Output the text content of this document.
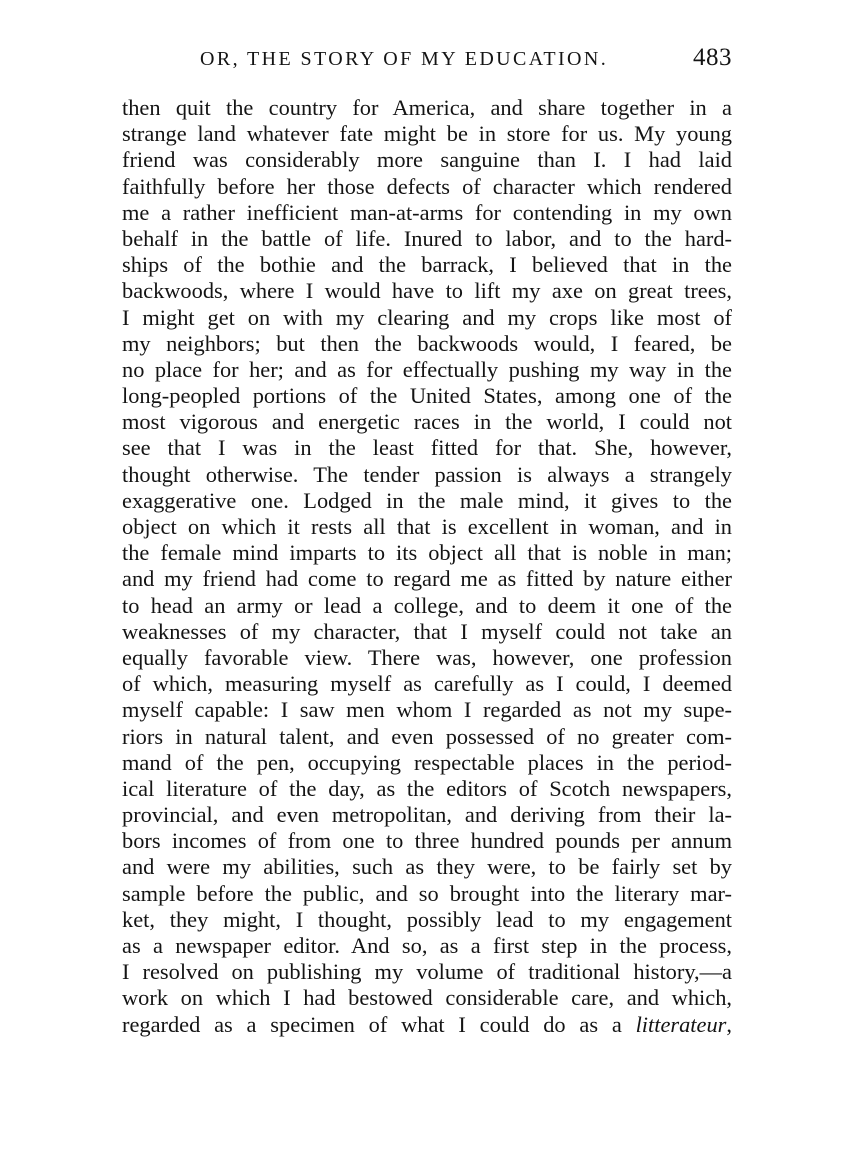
OR, THE STORY OF MY EDUCATION.	483
then quit the country for America, and share together in a
strange land whatever fate might be in store for us. My young
friend was considerably more sanguine than I. I had laid
faithfully before her those defects of character which rendered
me a rather inefficient man-at-arms for contending in my own
behalf in the battle of life. Inured to labor, and to the hard-
ships of the bothie and the barrack, I believed that in the
backwoods, where I would have to lift my axe on great trees,
I might get on with my clearing and my crops like most of
my neighbors; but then the backwoods would, I feared, be
no place for her; and as for effectually pushing my way in the
long-peopled portions of the United States, among one of the
most vigorous and energetic races in the world, I could not
see that I was in the least fitted for that. She, however,
thought otherwise. The tender passion is always a strangely
exaggerative one. Lodged in the male mind, it gives to the
object on which it rests all that is excellent in woman, and in
the female mind imparts to its object all that is noble in man;
and my friend had come to regard me as fitted by nature either
to head an army or lead a college, and to deem it one of the
weaknesses of my character, that I myself could not take an
equally favorable view. There was, however, one profession
of which, measuring myself as carefully as I could, I deemed
myself capable: I saw men whom I regarded as not my supe-
riors in natural talent, and even possessed of no greater com-
mand of the pen, occupying respectable places in the period-
ical literature of the day, as the editors of Scotch newspapers,
provincial, and even metropolitan, and deriving from their la-
bors incomes of from one to three hundred pounds per annum
and were my abilities, such as they were, to be fairly set by
sample before the public, and so brought into the literary mar-
ket, they might, I thought, possibly lead to my engagement
as a newspaper editor. And so, as a first step in the process,
I resolved on publishing my volume of traditional history,—a
work on which I had bestowed considerable care, and which,
regarded as a specimen of what I could do as a litterateur,
